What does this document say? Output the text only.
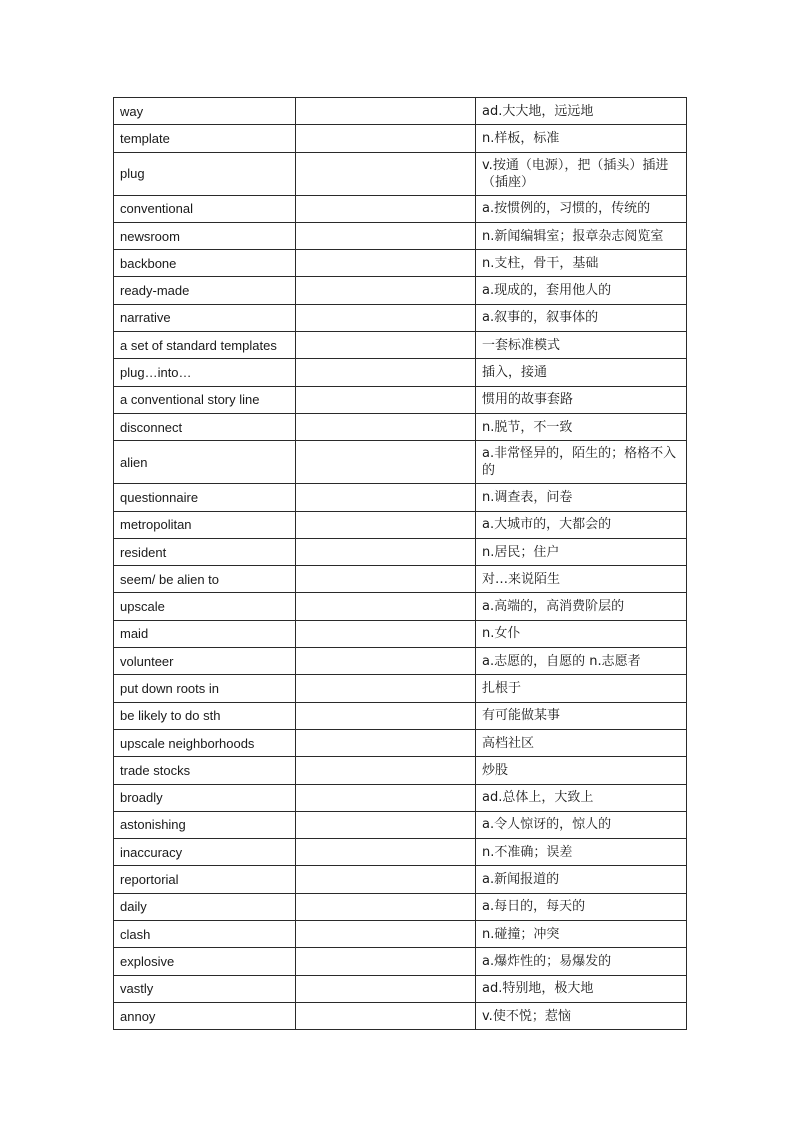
way		ad.大大地，远远地
template		n.样板，标准
plug		v.按通（电源），把（插头）插进（插座）
conventional		a.按惯例的，习惯的，传统的
newsroom		n.新闻编辑室；报章杂志阅览室
backbone		n.支柱，骨干，基础
ready-made		a.现成的，套用他人的
narrative		a.叙事的，叙事体的
a set of standard templates		一套标准模式
plug…into…		插入，接通
a conventional story line		惯用的故事套路
disconnect		n.脱节，不一致
alien		a.非常怪异的，陌生的；格格不入的
questionnaire		n.调查表，问卷
metropolitan		a.大城市的，大都会的
resident		n.居民；住户
seem/ be alien to		对…来说陌生
upscale		a.高端的，高消费阶层的
maid		n.女仆
volunteer		a.志愿的，自愿的 n.志愿者
put down roots in		扎根于
be likely to do sth		有可能做某事
upscale neighborhoods		高档社区
trade stocks		炒股
broadly		ad.总体上，大致上
astonishing		a.令人惊讶的，惊人的
inaccuracy		n.不准确；误差
reportorial		a.新闻报道的
daily		a.每日的，每天的
clash		n.碰撞；冲突
explosive		a.爆炸性的；易爆发的
vastly		ad.特别地，极大地
annoy		v.使不悦；惹恼
